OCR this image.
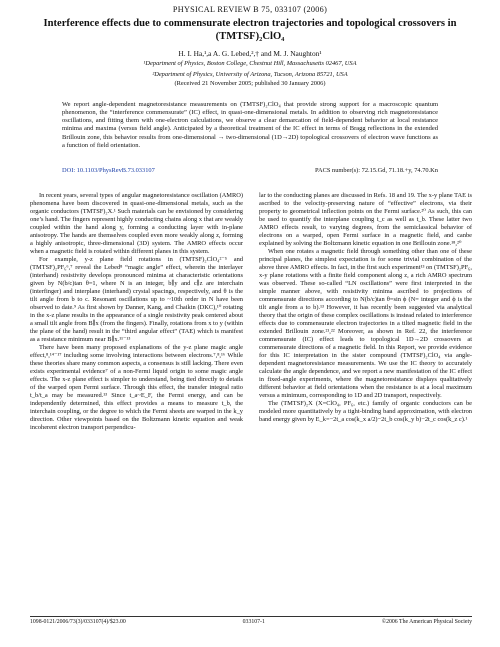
PHYSICAL REVIEW B 75, 033107 (2006)
Interference effects due to commensurate electron trajectories and topological crossovers in (TMTSF)₂ClO₄
H. I. Ha,¹,a A. G. Lebed,²,† and M. J. Naughton¹
¹Department of Physics, Boston College, Chestnut Hill, Massachusetts 02467, USA
²Department of Physics, University of Arizona, Tucson, Arizona 85721, USA
(Received 21 November 2005; published 30 January 2006)

We report angle-dependent magnetoresistance measurements on (TMTSF)₂ClO₄ that provide strong support for a macroscopic quantum phenomenon, the “interference commensurate” (IC) effect, in quasi-one-dimensional metals. In addition to observing rich magnetoresistance oscillations, and fitting them with one-electron calculations, we observe a clear demarcation of field-dependent behavior at local resistance minima and maxima (versus field angle). Anticipated by a theoretical treatment of the IC effect in terms of Bragg reflections in the extended Brillouin zone, this behavior results from one-dimensional → two-dimensional (1D→2D) topological crossovers of electron wave functions as a function of field orientation.

DOI: 10.1103/PhysRevB.73.033107	PACS number(s): 72.15.Gd, 71.18.+y, 74.70.Kn

In recent years, several types of angular magnetoresistance oscillation (AMRO) phenomena have been discovered in quasi-one-dimensional metals, such as the organic conductors (TMTSF)₂X.¹ Such materials can be envisioned by considering one’s hand. The fingers represent highly conducting chains along x that are weakly coupled within the hand along y, forming a conducting layer with in-plane anisotropy. The hands are themselves coupled even more weakly along z, forming a highly anisotropic, three-dimensional (3D) system. The AMRO effects occur when a magnetic field is rotated within different planes in this system.

For example, y-z plane field rotations in (TMTSF)₂ClO₄²⁻⁵ and (TMTSF)₂PF₆⁶,⁷ reveal the Lebed⁸ “magic angle” effect, wherein the interlayer (interhand) resistivity develops pronounced minima at characteristic orientations given by N(b/c)tan θ=1, where N is an integer, b∥y and c∥z are interchain (interfinger) and interplane (interhand) crystal spacings, respectively, and θ is the tilt angle from b to c. Resonant oscillations up to ~10th order in N have been observed to date.⁹ As first shown by Danner, Kang, and Chaikin (DKC),¹⁰ rotating in the x-z plane results in the appearance of a single resistivity peak centered about a small tilt angle from B∥x (from the fingers). Finally, rotations from x to y (within the plane of the hand) result in the “third angular effect” (TAE) which is manifest as a resistance minimum near B∥x.¹¹⁻¹³

There have been many proposed explanations of the y-z plane magic angle effect,⁸,¹⁴⁻¹⁷ including some involving interactions between electrons.⁷,⁸,¹⁶ While these theories share many common aspects, a consensus is still lacking. There even exists experimental evidence⁷ of a non-Fermi liquid origin to some magic angle effects. The x-z plane effect is simpler to understand, being tied directly to details of the warped open Fermi surface. Through this effect, the transfer integral ratio t_b/t_a may be measured.¹³ Since t_a~E_F, the Fermi energy, and can be independently determined, this effect provides a means to measure t_b, the interchain coupling, or the degree to which the Fermi sheets are warped in the k_y direction. Other viewpoints based on the Boltzmann kinetic equation and weak incoherent electron transport perpendicu-

lar to the conducting planes are discussed in Refs. 18 and 19. The x-y plane TAE is ascribed to the velocity-preserving nature of “effective” electrons, via their property to geometrical inflection points on the Fermi surface.²⁰ As such, this can be used to quantify the interplane coupling t_c as well as t_b. These latter two AMRO effects result, to varying degrees, from the semiclassical behavior of electrons on a warped, open Fermi surface in a magnetic field, and canbe explained by solving the Boltzmann kinetic equation in one Brillouin zone.¹⁸,²⁰

When one rotates a magnetic field through something other than one of these principal planes, the simplest expectation is for some trivial combination of the above three AMRO effects. In fact, in the first such experiment¹³ on (TMTSF)₂PF₆, x-y plane rotations with a finite field component along z, a rich AMRO spectrum was observed. These so-called “LN oscillations” were first interpreted in the simple manner above, with resistivity minima ascribed to projections of commensurate directions according to N(b/c)tan θ=sin ϕ (N= integer and ϕ is the tilt angle from a to b).¹³ However, it has recently been suggested via analytical theory that the origin of these complex oscillations is instead related to interference effects due to commensurate electron trajectories in a tilted magnetic field in the extended Brillouin zone.²¹,²² Moreover, as shown in Ref. 22, the interference commensurate (IC) effect leads to topological 1D→2D crossovers at commensurate directions of a magnetic field. In this Report, we provide evidence for this IC interpretation in the sister compound (TMTSF)₂ClO₄ via angle-dependent magnetoresistance measurements. We use the IC theory to accurately calculate the angle dependence, and we report a new manifestation of the IC effect in fixed-angle experiments, where the magnetoresistance displays qualitatively different behavior at field orientations when the resistance is at a local maximum versus a minimum, corresponding to 1D and 2D transport, respectively.

The (TMTSF)₂X (X=ClO₄, PF₆, etc.) family of organic conductors can be modeled more quantitatively by a tight-binding band approximation, with electron band energy given by E_k=−2t_a cos(k_x a/2)−2t_b cos(k_y b)−2t_c cos(k_z c).¹

1098-0121/2006/73(3)/033107(4)/$23.00	033107-1	©2006 The American Physical Society
